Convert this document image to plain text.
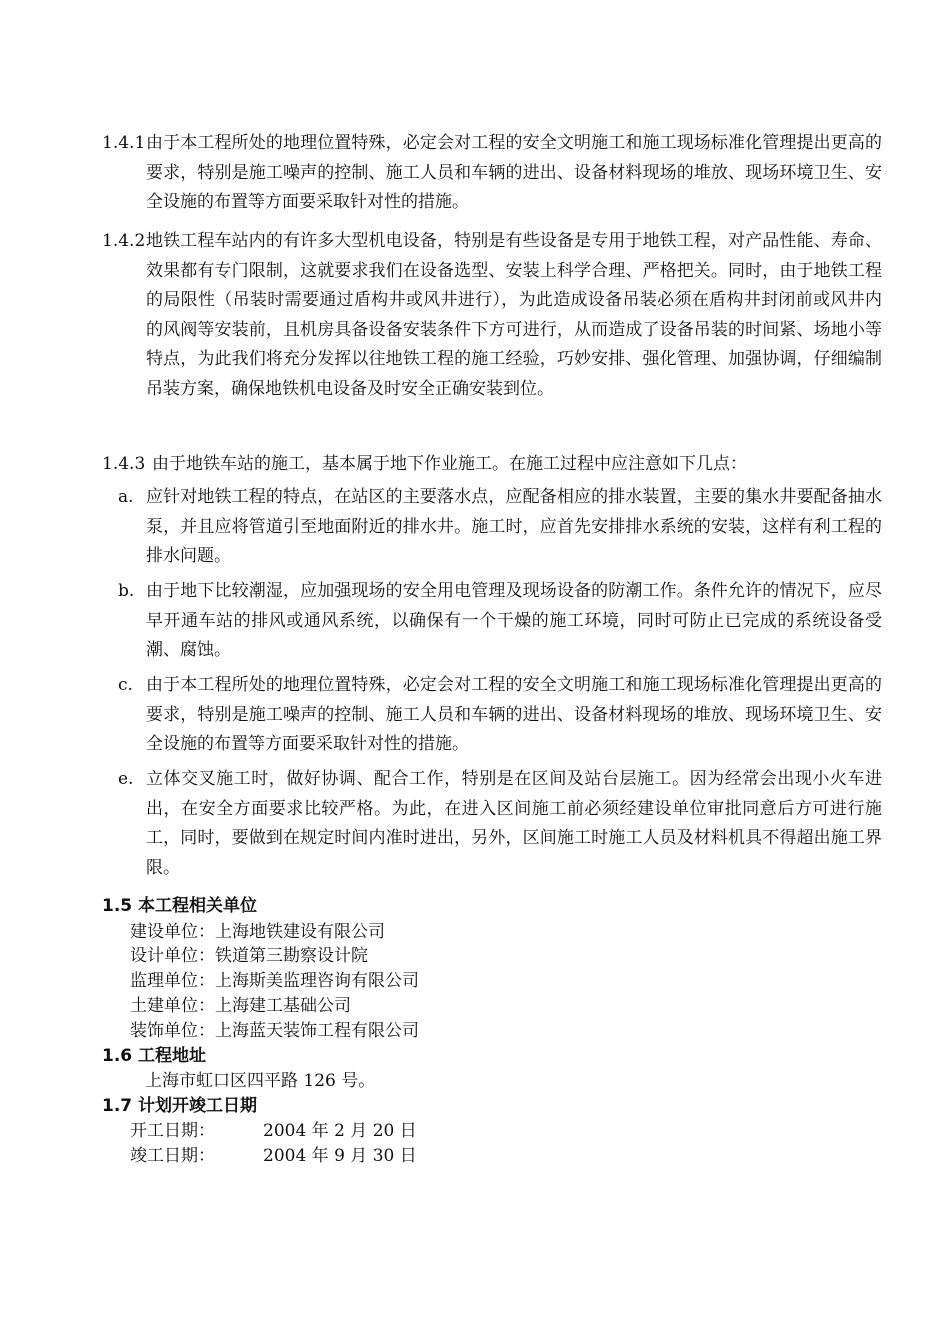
1.4.1 由于本工程所处的地理位置特殊，必定会对工程的安全文明施工和施工现场标准化管理提出更高的要求，特别是施工噪声的控制、施工人员和车辆的进出、设备材料现场的堆放、现场环境卫生、安全设施的布置等方面要采取针对性的措施。
1.4.2 地铁工程车站内的有许多大型机电设备，特别是有些设备是专用于地铁工程，对产品性能、寿命、效果都有专门限制，这就要求我们在设备选型、安装上科学合理、严格把关。同时，由于地铁工程的局限性（吊装时需要通过盾构井或风井进行），为此造成设备吊装必须在盾构井封闭前或风井内的风阀等安装前，且机房具备设备安装条件下方可进行，从而造成了设备吊装的时间紧、场地小等特点，为此我们将充分发挥以往地铁工程的施工经验，巧妙安排、强化管理、加强协调，仔细编制吊装方案，确保地铁机电设备及时安全正确安装到位。
1.4.3 由于地铁车站的施工，基本属于地下作业施工。在施工过程中应注意如下几点：
a. 应针对地铁工程的特点，在站区的主要落水点，应配备相应的排水装置，主要的集水井要配备抽水泵，并且应将管道引至地面附近的排水井。施工时，应首先安排排水系统的安装，这样有利工程的排水问题。
b. 由于地下比较潮湿，应加强现场的安全用电管理及现场设备的防潮工作。条件允许的情况下，应尽早开通车站的排风或通风系统，以确保有一个干燥的施工环境，同时可防止已完成的系统设备受潮、腐蚀。
c. 由于本工程所处的地理位置特殊，必定会对工程的安全文明施工和施工现场标准化管理提出更高的要求，特别是施工噪声的控制、施工人员和车辆的进出、设备材料现场的堆放、现场环境卫生、安全设施的布置等方面要采取针对性的措施。
e. 立体交叉施工时，做好协调、配合工作，特别是在区间及站台层施工。因为经常会出现小火车进出，在安全方面要求比较严格。为此，在进入区间施工前必须经建设单位审批同意后方可进行施工，同时，要做到在规定时间内准时进出，另外，区间施工时施工人员及材料机具不得超出施工界限。
1.5 本工程相关单位
建设单位：上海地铁建设有限公司
设计单位：铁道第三勘察设计院
监理单位：上海斯美监理咨询有限公司
土建单位：上海建工基础公司
装饰单位：上海蓝天装饰工程有限公司
1.6 工程地址
上海市虹口区四平路 126 号。
1.7 计划开竣工日期
开工日期：	2004 年 2 月 20 日
竣工日期：	2004 年 9 月 30 日
